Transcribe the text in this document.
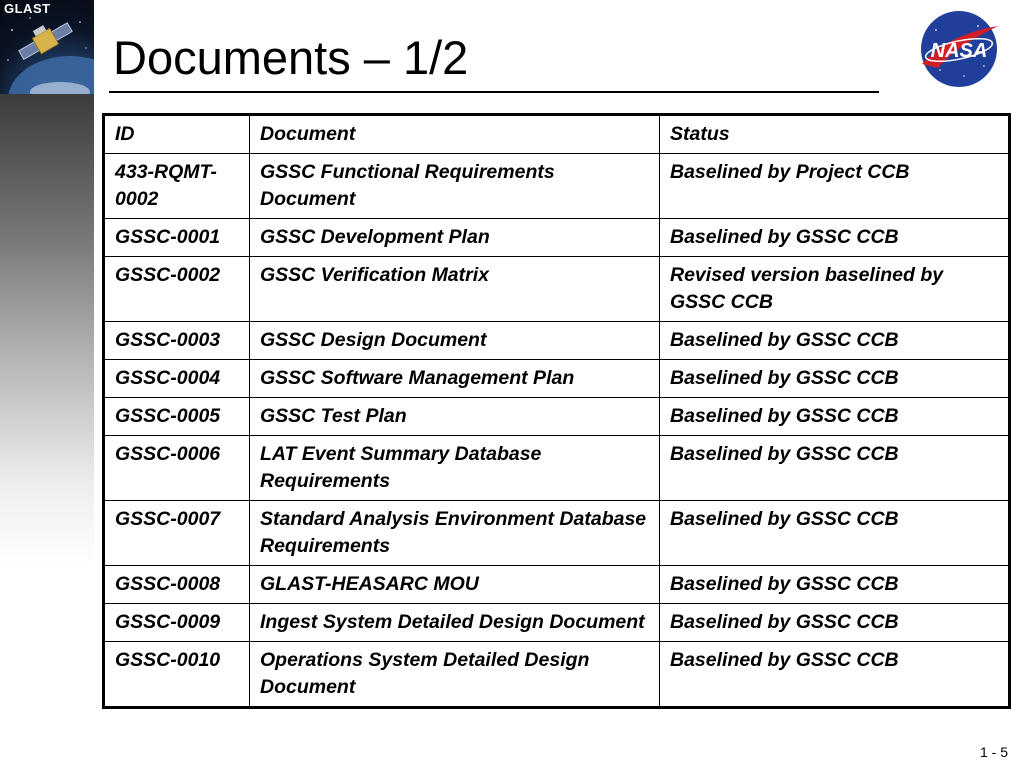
GLAST
Documents – 1/2	NASA
ID	Document	Status
433-RQMT-0002	GSSC Functional Requirements Document	Baselined by Project CCB
GSSC-0001	GSSC Development Plan	Baselined by GSSC CCB
GSSC-0002	GSSC Verification Matrix	Revised version baselined by GSSC CCB
GSSC-0003	GSSC Design Document	Baselined by GSSC CCB
GSSC-0004	GSSC Software Management Plan	Baselined by GSSC CCB
GSSC-0005	GSSC Test Plan	Baselined by GSSC CCB
GSSC-0006	LAT Event Summary Database Requirements	Baselined by GSSC CCB
GSSC-0007	Standard Analysis Environment Database Requirements	Baselined by GSSC CCB
GSSC-0008	GLAST-HEASARC MOU	Baselined by GSSC CCB
GSSC-0009	Ingest System Detailed Design Document	Baselined by GSSC CCB
GSSC-0010	Operations System Detailed Design Document	Baselined by GSSC CCB
1 - 5
